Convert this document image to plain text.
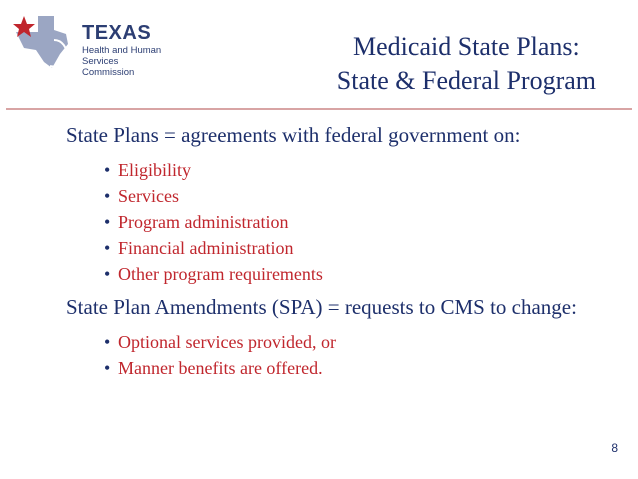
TEXAS
Health and Human
Services Commission
Medicaid State Plans:
State & Federal Program

State Plans = agreements with federal government on:

• Eligibility
• Services
• Program administration
• Financial administration
• Other program requirements

State Plan Amendments (SPA) = requests to CMS to change:

• Optional services provided, or
• Manner benefits are offered.
8
